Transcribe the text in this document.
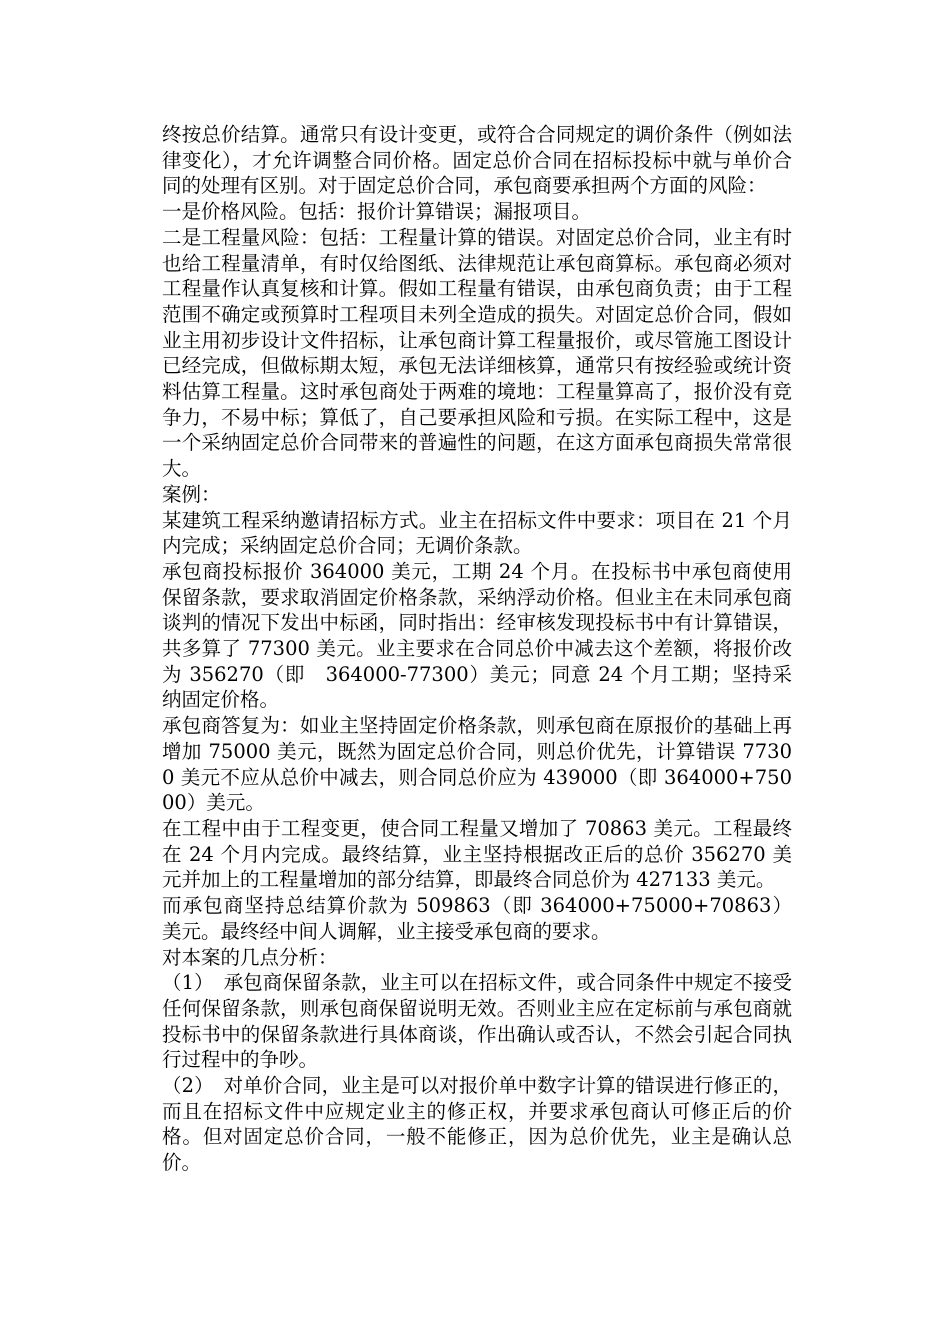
终按总价结算。通常只有设计变更，或符合合同规定的调价条件（例如法律变化），才允许调整合同价格。固定总价合同在招标投标中就与单价合同的处理有区别。对于固定总价合同，承包商要承担两个方面的风险：

一是价格风险。包括：报价计算错误；漏报项目。

二是工程量风险：包括：工程量计算的错误。对固定总价合同，业主有时也给工程量清单，有时仅给图纸、法律规范让承包商算标。承包商必须对工程量作认真复核和计算。假如工程量有错误，由承包商负责；由于工程范围不确定或预算时工程项目未列全造成的损失。对固定总价合同，假如业主用初步设计文件招标，让承包商计算工程量报价，或尽管施工图设计已经完成，但做标期太短，承包无法详细核算，通常只有按经验或统计资料估算工程量。这时承包商处于两难的境地：工程量算高了，报价没有竞争力，不易中标；算低了，自己要承担风险和亏损。在实际工程中，这是一个采纳固定总价合同带来的普遍性的问题，在这方面承包商损失常常很大。

案例：

某建筑工程采纳邀请招标方式。业主在招标文件中要求：项目在 21 个月内完成；采纳固定总价合同；无调价条款。

承包商投标报价 364000 美元，工期 24 个月。在投标书中承包商使用保留条款，要求取消固定价格条款，采纳浮动价格。但业主在未同承包商谈判的情况下发出中标函，同时指出：经审核发现投标书中有计算错误，共多算了 77300 美元。业主要求在合同总价中减去这个差额，将报价改为 356270（即　364000-77300）美元；同意 24 个月工期；坚持采纳固定价格。

承包商答复为：如业主坚持固定价格条款，则承包商在原报价的基础上再增加 75000 美元，既然为固定总价合同，则总价优先，计算错误 77300 美元不应从总价中减去，则合同总价应为 439000（即 364000+75000）美元。

在工程中由于工程变更，使合同工程量又增加了 70863 美元。工程最终在 24 个月内完成。最终结算，业主坚持根据改正后的总价 356270 美元并加上的工程量增加的部分结算，即最终合同总价为 427133 美元。

而承包商坚持总结算价款为 509863（即 364000+75000+70863）美元。最终经中间人调解，业主接受承包商的要求。

对本案的几点分析：

（1）　承包商保留条款，业主可以在招标文件，或合同条件中规定不接受任何保留条款，则承包商保留说明无效。否则业主应在定标前与承包商就投标书中的保留条款进行具体商谈，作出确认或否认，不然会引起合同执行过程中的争吵。

（2）　对单价合同，业主是可以对报价单中数字计算的错误进行修正的，而且在招标文件中应规定业主的修正权，并要求承包商认可修正后的价格。但对固定总价合同，一般不能修正，因为总价优先，业主是确认总价。
